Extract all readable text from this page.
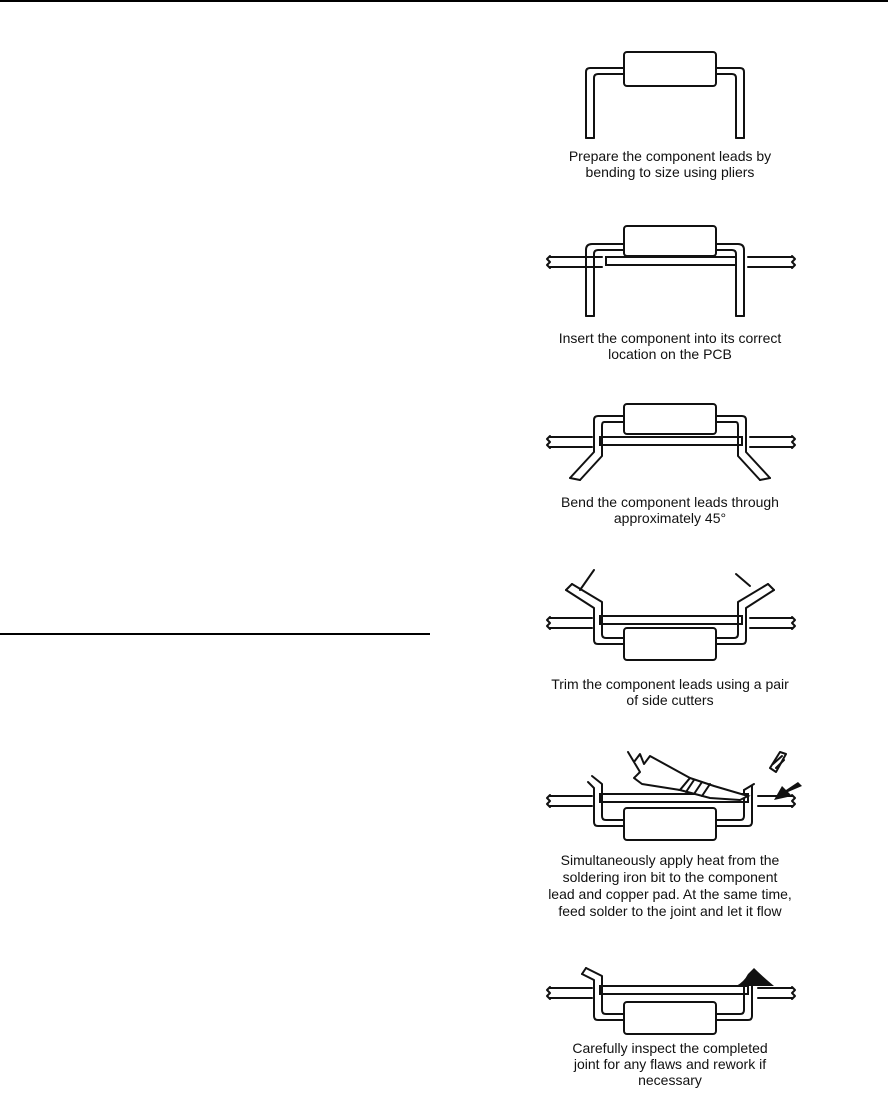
Prepare the component leads by bending to size using pliers
Insert the component into its correct location on the PCB
Bend the component leads through approximately 45°
Trim the component leads using a pair of side cutters
Simultaneously apply heat from the soldering iron bit to the component lead and copper pad. At the same time, feed solder to the joint and let it flow
Carefully inspect the completed joint for any flaws and rework if necessary
